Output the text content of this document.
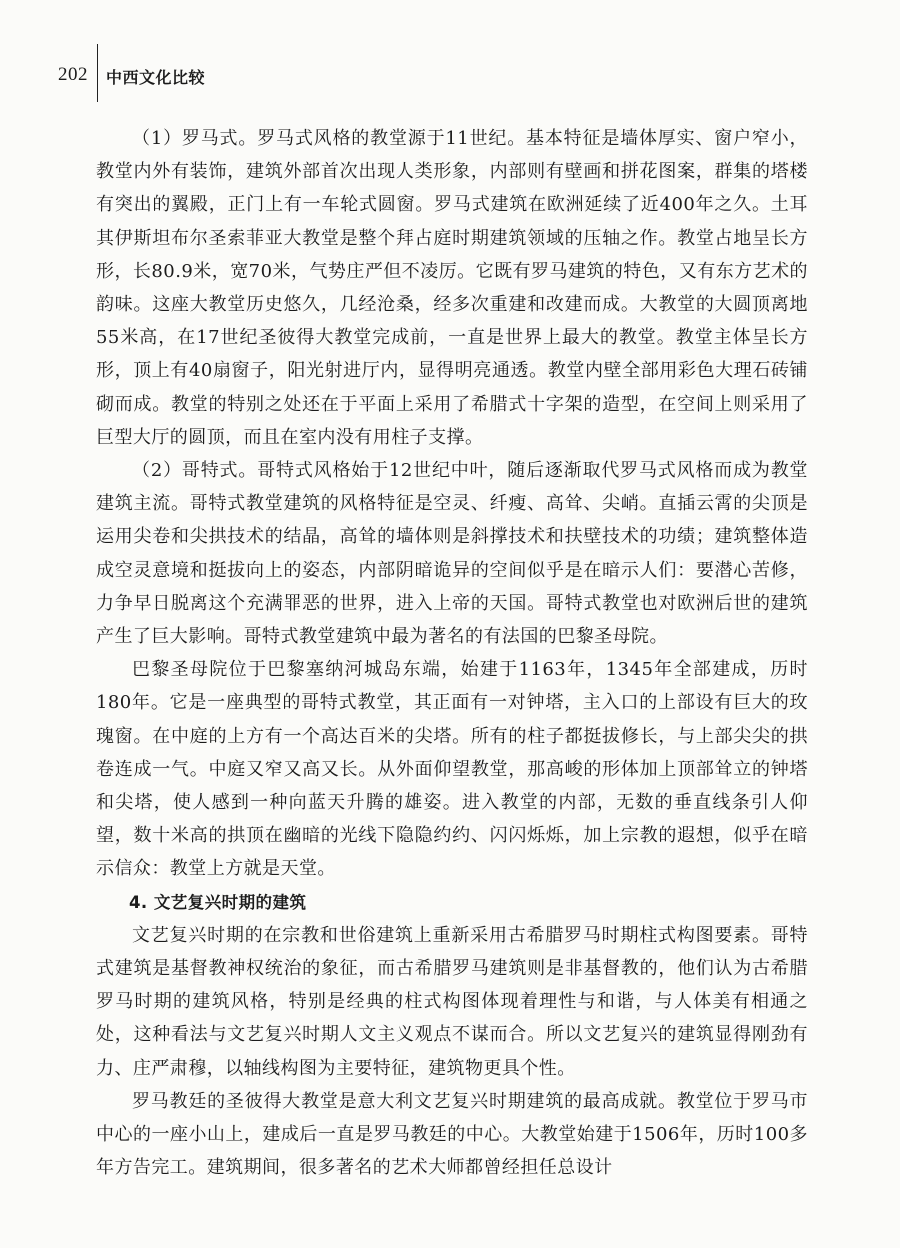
202 中西文化比较

（1）罗马式。罗马式风格的教堂源于11世纪。基本特征是墙体厚实、窗户窄小，教堂内外有装饰，建筑外部首次出现人类形象，内部则有壁画和拼花图案，群集的塔楼有突出的翼殿，正门上有一车轮式圆窗。罗马式建筑在欧洲延续了近400年之久。土耳其伊斯坦布尔圣索菲亚大教堂是整个拜占庭时期建筑领域的压轴之作。教堂占地呈长方形，长80.9米，宽70米，气势庄严但不凌厉。它既有罗马建筑的特色，又有东方艺术的韵味。这座大教堂历史悠久，几经沧桑，经多次重建和改建而成。大教堂的大圆顶离地55米高，在17世纪圣彼得大教堂完成前，一直是世界上最大的教堂。教堂主体呈长方形，顶上有40扇窗子，阳光射进厅内，显得明亮通透。教堂内壁全部用彩色大理石砖铺砌而成。教堂的特别之处还在于平面上采用了希腊式十字架的造型，在空间上则采用了巨型大厅的圆顶，而且在室内没有用柱子支撑。

（2）哥特式。哥特式风格始于12世纪中叶，随后逐渐取代罗马式风格而成为教堂建筑主流。哥特式教堂建筑的风格特征是空灵、纤瘦、高耸、尖峭。直插云霄的尖顶是运用尖卷和尖拱技术的结晶，高耸的墙体则是斜撑技术和扶壁技术的功绩；建筑整体造成空灵意境和挺拔向上的姿态，内部阴暗诡异的空间似乎是在暗示人们：要潜心苦修，力争早日脱离这个充满罪恶的世界，进入上帝的天国。哥特式教堂也对欧洲后世的建筑产生了巨大影响。哥特式教堂建筑中最为著名的有法国的巴黎圣母院。

巴黎圣母院位于巴黎塞纳河城岛东端，始建于1163年，1345年全部建成，历时180年。它是一座典型的哥特式教堂，其正面有一对钟塔，主入口的上部设有巨大的玫瑰窗。在中庭的上方有一个高达百米的尖塔。所有的柱子都挺拔修长，与上部尖尖的拱卷连成一气。中庭又窄又高又长。从外面仰望教堂，那高峻的形体加上顶部耸立的钟塔和尖塔，使人感到一种向蓝天升腾的雄姿。进入教堂的内部，无数的垂直线条引人仰望，数十米高的拱顶在幽暗的光线下隐隐约约、闪闪烁烁，加上宗教的遐想，似乎在暗示信众：教堂上方就是天堂。

4. 文艺复兴时期的建筑

文艺复兴时期的在宗教和世俗建筑上重新采用古希腊罗马时期柱式构图要素。哥特式建筑是基督教神权统治的象征，而古希腊罗马建筑则是非基督教的，他们认为古希腊罗马时期的建筑风格，特别是经典的柱式构图体现着理性与和谐，与人体美有相通之处，这种看法与文艺复兴时期人文主义观点不谋而合。所以文艺复兴的建筑显得刚劲有力、庄严肃穆，以轴线构图为主要特征，建筑物更具个性。

罗马教廷的圣彼得大教堂是意大利文艺复兴时期建筑的最高成就。教堂位于罗马市中心的一座小山上，建成后一直是罗马教廷的中心。大教堂始建于1506年，历时100多年方告完工。建筑期间，很多著名的艺术大师都曾经担任总设计
